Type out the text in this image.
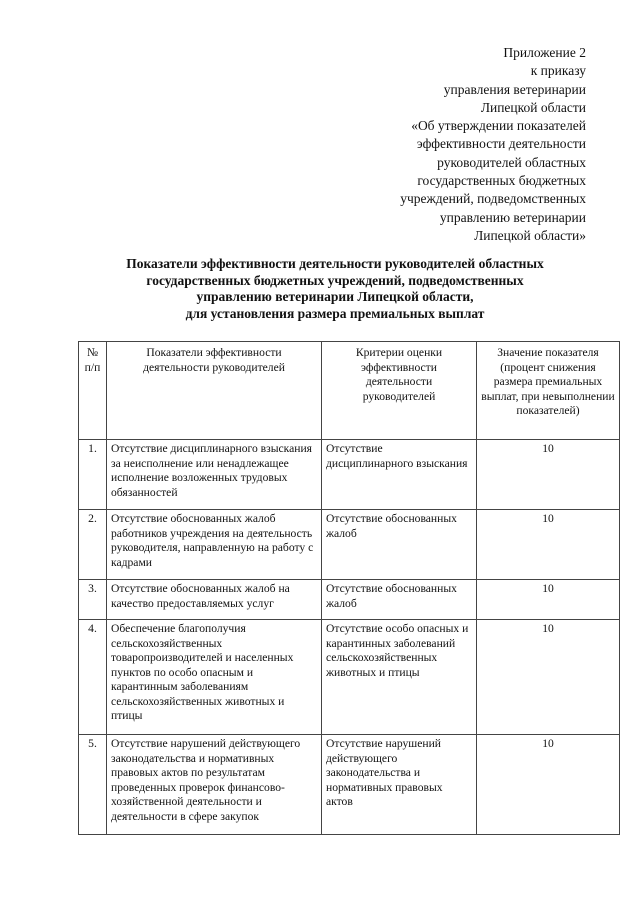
Приложение 2
к приказу
управления ветеринарии
Липецкой области
«Об утверждении показателей
эффективности деятельности
руководителей областных
государственных бюджетных
учреждений, подведомственных
управлению ветеринарии
Липецкой области»
Показатели эффективности деятельности руководителей областных
государственных бюджетных учреждений, подведомственных
управлению ветеринарии Липецкой области,
для установления размера премиальных выплат
№ п/п	Показатели эффективности деятельности руководителей	Критерии оценки эффективности деятельности руководителей	Значение показателя (процент снижения размера премиальных выплат, при невыполнении показателей)
1.	Отсутствие дисциплинарного взыскания за неисполнение или ненадлежащее исполнение возложенных трудовых обязанностей	Отсутствие дисциплинарного взыскания	10
2.	Отсутствие обоснованных жалоб работников учреждения на деятельность руководителя, направленную на работу с кадрами	Отсутствие обоснованных жалоб	10
3.	Отсутствие обоснованных жалоб на качество предоставляемых услуг	Отсутствие обоснованных жалоб	10
4.	Обеспечение благополучия сельскохозяйственных товаропроизводителей и населенных пунктов по особо опасным и карантинным заболеваниям сельскохозяйственных животных и птицы	Отсутствие особо опасных и карантинных заболеваний сельскохозяйственных животных и птицы	10
5.	Отсутствие нарушений действующего законодательства и нормативных правовых актов по результатам проведенных проверок финансово-хозяйственной деятельности и деятельности в сфере закупок	Отсутствие нарушений действующего законодательства и нормативных правовых актов	10
